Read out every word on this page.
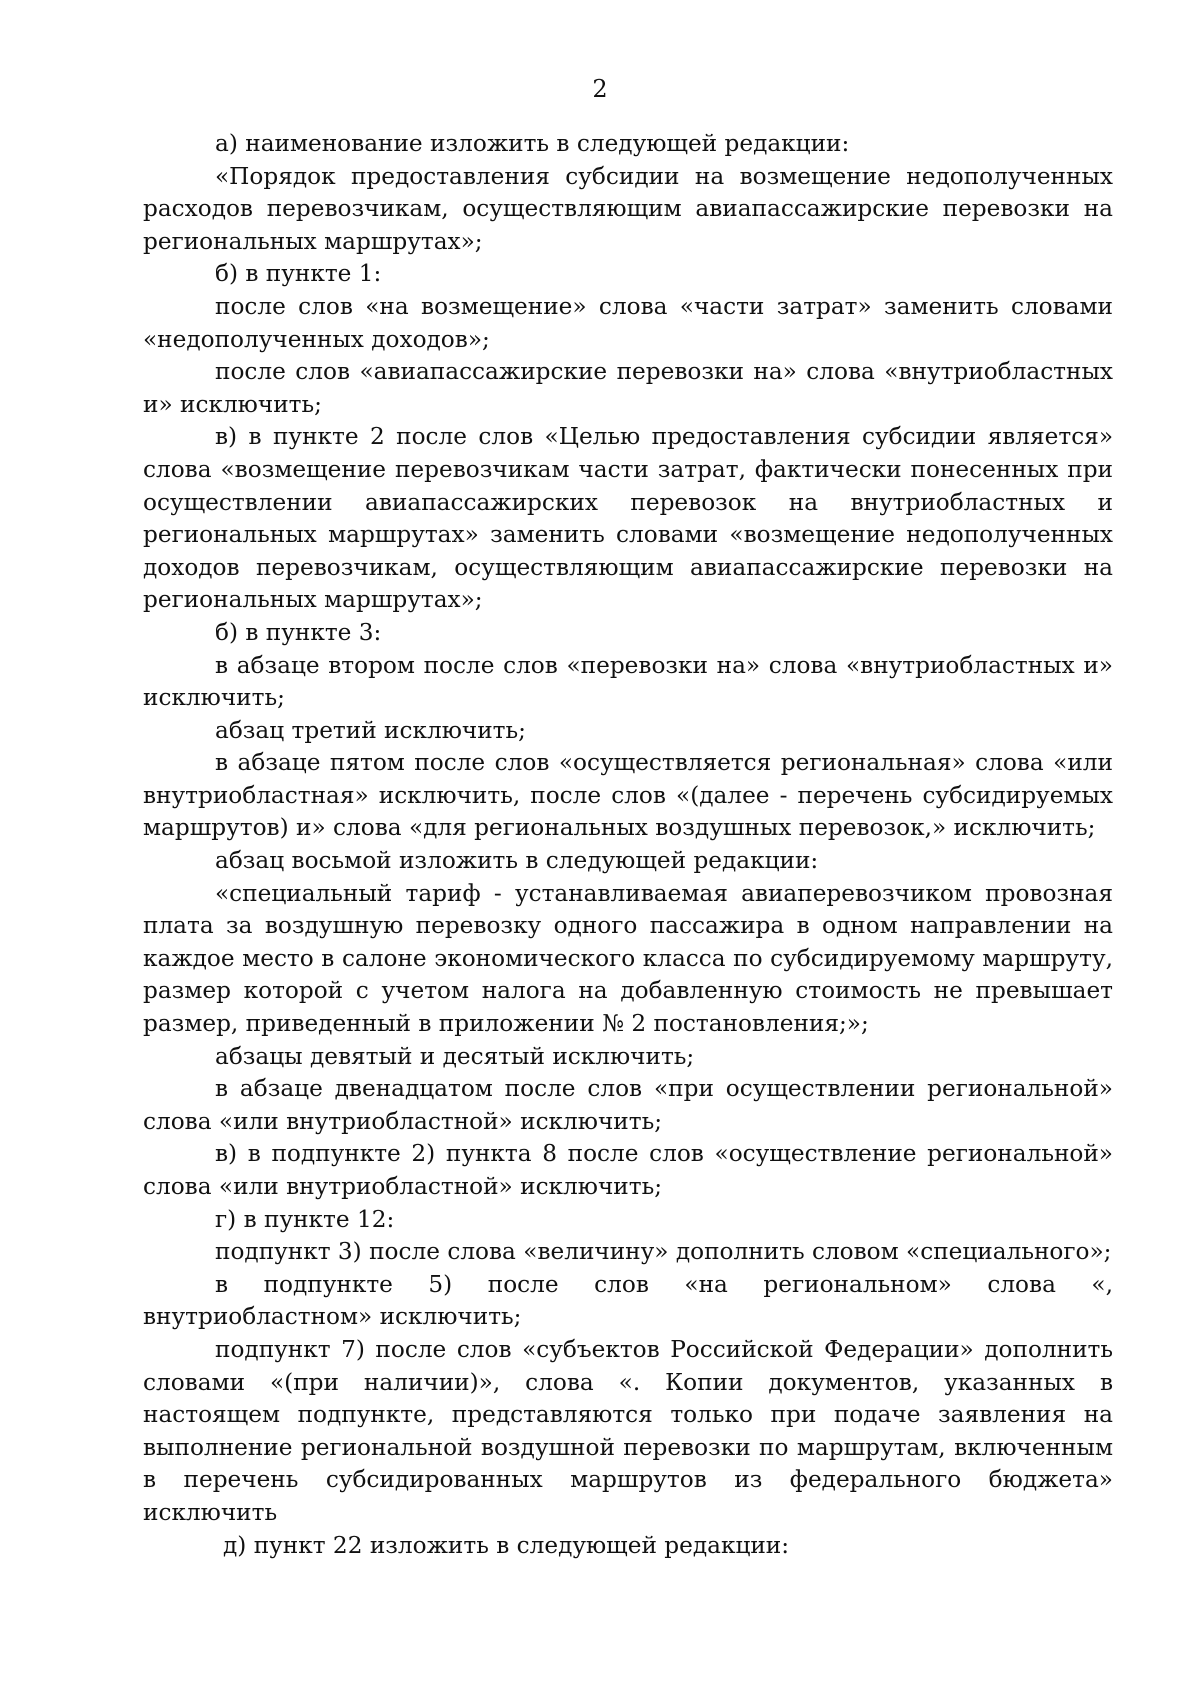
2

а) наименование изложить в следующей редакции:

«Порядок предоставления субсидии на возмещение недополученных расходов перевозчикам, осуществляющим авиапассажирские перевозки на региональных маршрутах»;

б) в пункте 1:

после слов «на возмещение» слова «части затрат» заменить словами «недополученных доходов»;

после слов «авиапассажирские перевозки на» слова «внутриобластных и» исключить;

в) в пункте 2 после слов «Целью предоставления субсидии является» слова «возмещение перевозчикам части затрат, фактически понесенных при осуществлении авиапассажирских перевозок на внутриобластных и региональных маршрутах» заменить словами «возмещение недополученных доходов перевозчикам, осуществляющим авиапассажирские перевозки на региональных маршрутах»;

б) в пункте 3:

в абзаце втором после слов «перевозки на» слова «внутриобластных и» исключить;

абзац третий исключить;

в абзаце пятом после слов «осуществляется региональная» слова «или внутриобластная» исключить, после слов «(далее - перечень субсидируемых маршрутов) и» слова «для региональных воздушных перевозок,» исключить;

абзац восьмой изложить в следующей редакции:

«специальный тариф - устанавливаемая авиаперевозчиком провозная плата за воздушную перевозку одного пассажира в одном направлении на каждое место в салоне экономического класса по субсидируемому маршруту, размер которой с учетом налога на добавленную стоимость не превышает размер, приведенный в приложении № 2 постановления;»;

абзацы девятый и десятый исключить;

в абзаце двенадцатом после слов «при осуществлении региональной» слова «или внутриобластной» исключить;

в) в подпункте 2) пункта 8 после слов «осуществление региональной» слова «или внутриобластной» исключить;

г) в пункте 12:

подпункт 3) после слова «величину» дополнить словом «специального»;

в подпункте 5) после слов «на региональном» слова «, внутриобластном» исключить;

подпункт 7) после слов «субъектов Российской Федерации» дополнить словами «(при наличии)», слова «. Копии документов, указанных в настоящем подпункте, представляются только при подаче заявления на выполнение региональной воздушной перевозки по маршрутам, включенным в перечень субсидированных маршрутов из федерального бюджета» исключить

д) пункт 22 изложить в следующей редакции:
